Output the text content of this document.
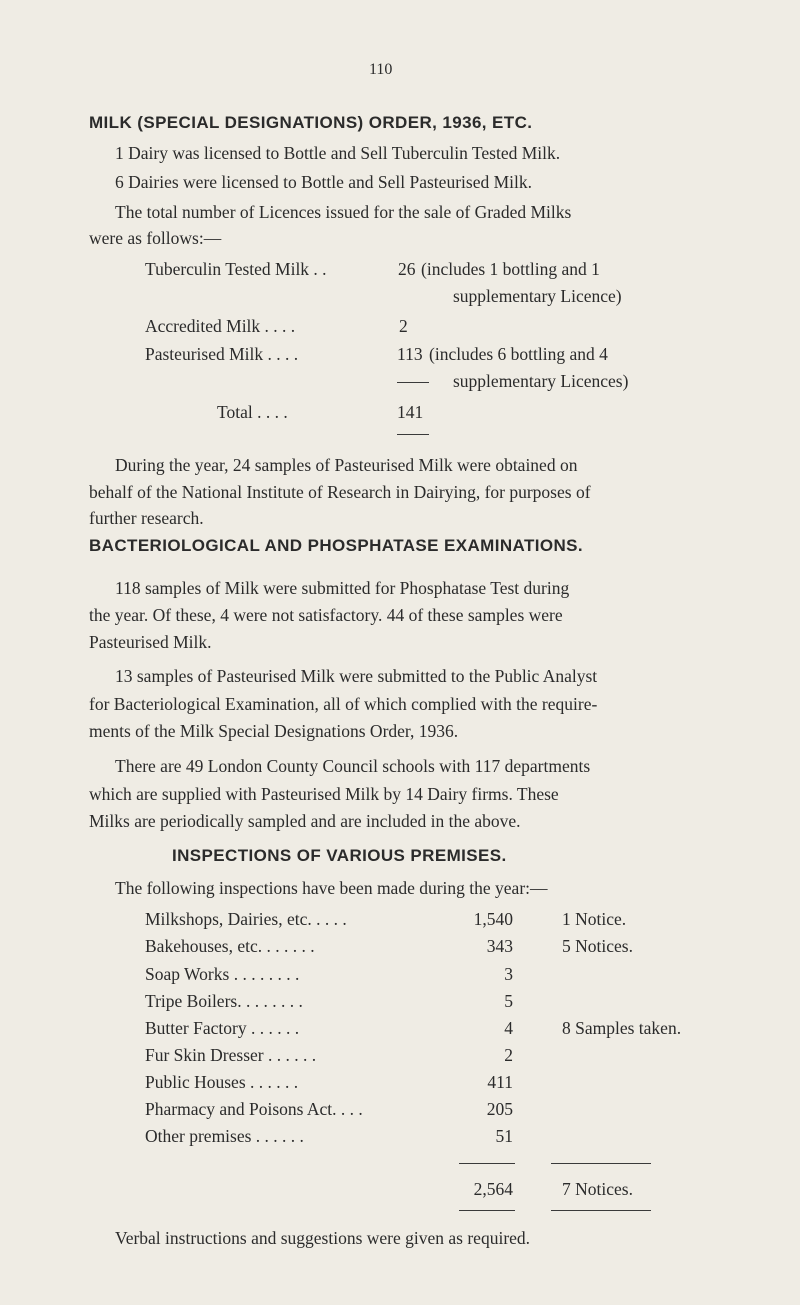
110
MILK (SPECIAL DESIGNATIONS) ORDER, 1936, ETC.
1 Dairy was licensed to Bottle and Sell Tuberculin Tested Milk.
6 Dairies were licensed to Bottle and Sell Pasteurised Milk.
The total number of Licences issued for the sale of Graded Milks
were as follows:—
Tuberculin Tested Milk . .	26 (includes 1 bottling and 1
supplementary Licence)
Accredited Milk . . . .	2
Pasteurised Milk . . . .	113 (includes 6 bottling and 4
supplementary Licences)
Total . . . .	141
During the year, 24 samples of Pasteurised Milk were obtained on
behalf of the National Institute of Research in Dairying, for purposes of
further research.
BACTERIOLOGICAL AND PHOSPHATASE EXAMINATIONS.
118 samples of Milk were submitted for Phosphatase Test during
the year. Of these, 4 were not satisfactory. 44 of these samples were
Pasteurised Milk.
13 samples of Pasteurised Milk were submitted to the Public Analyst
for Bacteriological Examination, all of which complied with the require-
ments of the Milk Special Designations Order, 1936.
There are 49 London County Council schools with 117 departments
which are supplied with Pasteurised Milk by 14 Dairy firms. These
Milks are periodically sampled and are included in the above.
INSPECTIONS OF VARIOUS PREMISES.
The following inspections have been made during the year:—
Milkshops, Dairies, etc. . . . .	1,540	1 Notice.
Bakehouses, etc. . . . . . .	343	5 Notices.
Soap Works . . . . . . . .	3
Tripe Boilers. . . . . . . .	5
Butter Factory . . . . . .	4	8 Samples taken.
Fur Skin Dresser . . . . . .	2
Public Houses . . . . . .	411
Pharmacy and Poisons Act. . . .	205
Other premises . . . . . .	51
2,564	7 Notices.
Verbal instructions and suggestions were given as required.
